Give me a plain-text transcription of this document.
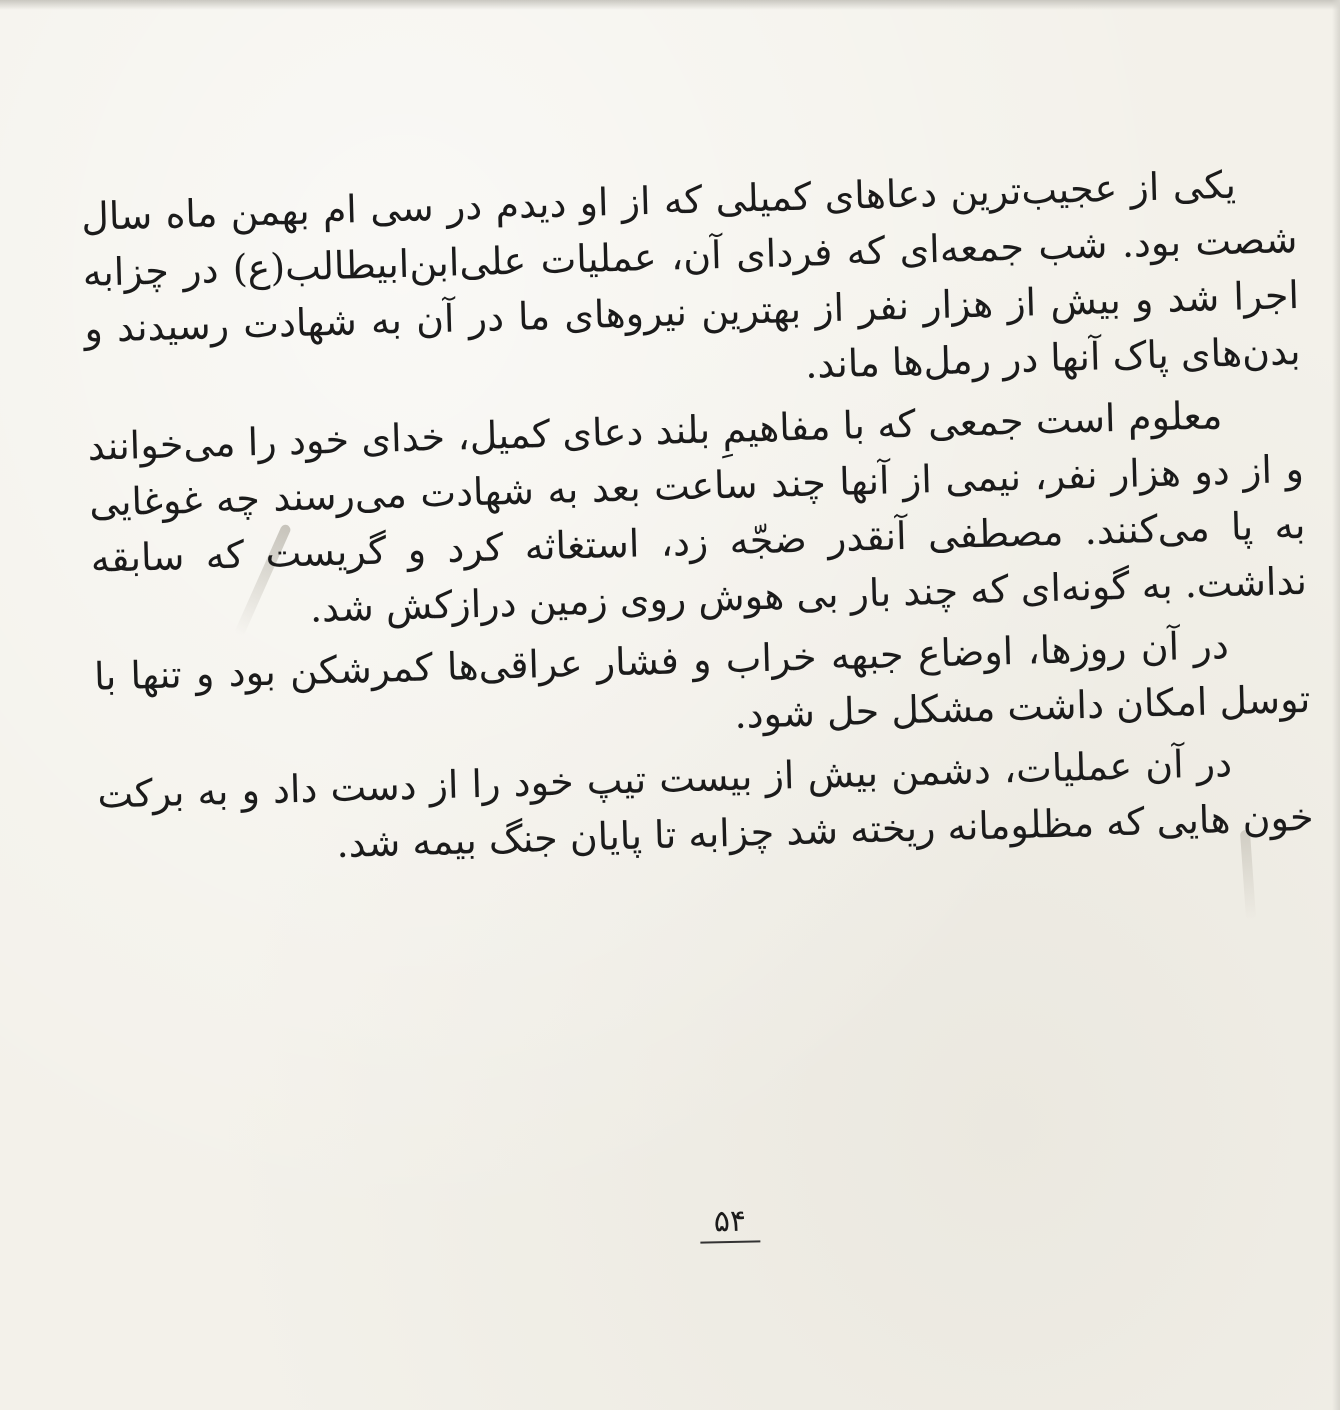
یکی از عجیب‌ترین دعاهای کمیلی که از او دیدم در سی ام بهمن ماه سال شصت بود. شب جمعه‌ای که فردای آن، عملیات علی‌ابن‌ابیطالب(ع) در چزابه اجرا شد و بیش از هزار نفر از بهترین نیروهای ما در آن به شهادت رسیدند و بدن‌های پاک آنها در رمل‌ها ماند.

معلوم است جمعی که با مفاهیمِ بلند دعای کمیل، خدای خود را می‌خوانند و از دو هزار نفر، نیمی از آنها چند ساعت بعد به شهادت می‌رسند چه غوغایی به پا می‌کنند. مصطفی آنقدر ضجّه زد، استغاثه کرد و گریست که سابقه نداشت. به گونه‌ای که چند بار بی هوش روی زمین درازکش شد.

در آن روزها، اوضاع جبهه خراب و فشار عراقی‌ها کمرشکن بود و تنها با توسل امکان داشت مشکل حل شود.

در آن عملیات، دشمن بیش از بیست تیپ خود را از دست داد و به برکت خون هایی که مظلومانه ریخته شد چزابه تا پایان جنگ بیمه شد.

۵۴
